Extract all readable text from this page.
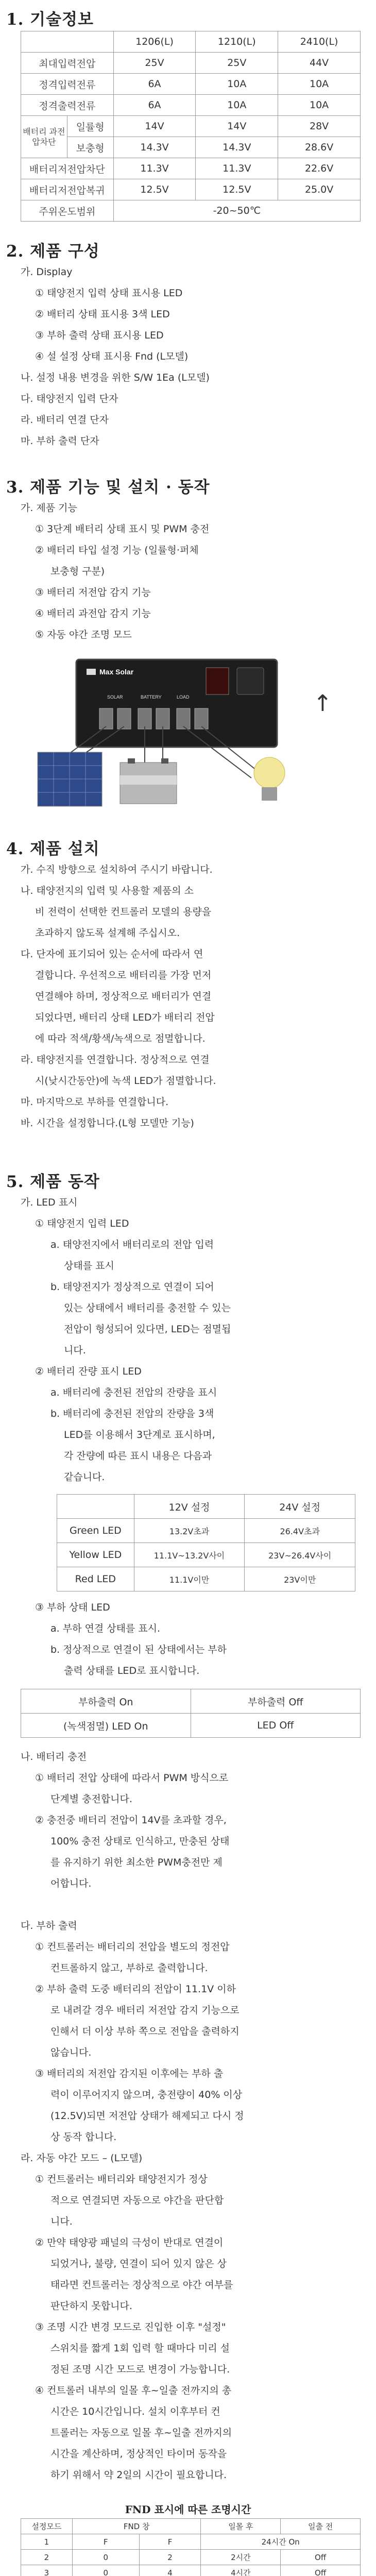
1. 기술정보
		1206(L)	1210(L)	2410(L)
최대입력전압		25V	25V	44V
정격입력전류		6A	10A	10A
정격출력전류		6A	10A	10A
배터리 과전압차단	일률형	14V	14V	28V
	보충형	14.3V	14.3V	28.6V
배터리저전압차단		11.3V	11.3V	22.6V
배터리저전압복귀		12.5V	12.5V	25.0V
주위온도범위		-20~50℃		
2. 제품 구성
가. Display
① 태양전지 입력 상태 표시용 LED
② 배터리 상태 표시용 3색 LED
③ 부하 출력 상태 표시용 LED
④ 설 설정 상태 표시용 Fnd (L모델)
나. 설정 내용 변경을 위한 S/W 1Ea (L모델)
다. 태양전지 입력 단자
라. 배터리 연결 단자
마. 부하 출력 단자
3. 제품 기능 및 설치 · 동작
가. 제품 기능
① 3단계 배터리 상태 표시 및 PWM 충전
② 배터리 타입 설정 기능 (일률형·퍼체
보충형 구분)
③ 배터리 저전압 감지 기능
④ 배터리 과전압 감지 기능
⑤ 자동 야간 조명 모드
Max Solar
SOLAR	BATTERY	LOAD	↑
4. 제품 설치
가. 수직 방향으로 설치하여 주시기 바랍니다.
나. 태양전지의 입력 및 사용할 제품의 소
비 전력이 선택한 컨트롤러 모델의 용량을
초과하지 않도록 설계해 주십시오.
다. 단자에 표기되어 있는 순서에 따라서 연
결합니다. 우선적으로 배터리를 가장 먼저
연결해야 하며, 정상적으로 배터리가 연결
되었다면, 배터리 상태 LED가 배터리 전압
에 따라 적색/황색/녹색으로 점멸합니다.
라. 태양전지를 연결합니다. 정상적으로 연결
시(낮시간동안)에 녹색 LED가 점멸합니다.
마. 마지막으로 부하를 연결합니다.
바. 시간을 설정합니다.(L형 모델만 기능)
5. 제품 동작
가. LED 표시
① 태양전지 입력 LED
a. 태양전지에서 배터리로의 전압 입력
상태를 표시
b. 태양전지가 정상적으로 연결이 되어
있는 상태에서 배터리를 충전할 수 있는
전압이 형성되어 있다면, LED는 점멸됩
니다.
② 배터리 잔량 표시 LED
a. 배터리에 충전된 전압의 잔량을 표시
b. 배터리에 충전된 전압의 잔량을 3색
LED를 이용해서 3단계로 표시하며,
각 잔량에 따른 표시 내용은 다음과
같습니다.
	12V 설정	24V 설정
Green LED	13.2V초과	26.4V초과
Yellow LED	11.1V~13.2V사이	23V~26.4V사이
Red LED	11.1V이만	23V이만
③ 부하 상태 LED
a. 부하 연결 상태를 표시.
b. 정상적으로 연결이 된 상태에서는 부하
출력 상태를 LED로 표시합니다.
부하출력 On	부하출력 Off
(녹색점멸) LED On	LED Off
나. 배터리 충전
① 배터리 전압 상태에 따라서 PWM 방식으로
단계별 충전합니다.
② 충전중 배터리 전압이 14V를 초과할 경우,
100% 충전 상태로 인식하고, 만충된 상태
를 유지하기 위한 최소한 PWM충전만 제
어합니다.
다. 부하 출력
① 컨트롤러는 배터리의 전압을 별도의 정전압
컨트롤하지 않고, 부하로 출력합니다.
② 부하 출력 도중 배터리의 전압이 11.1V 이하
로 내려갈 경우 배터리 저전압 감지 기능으로
인해서 더 이상 부하 쪽으로 전압을 출력하지
않습니다.
③ 배터리의 저전압 감지된 이후에는 부하 출
력이 이루어지지 않으며, 충전량이 40% 이상
(12.5V)되면 저전압 상태가 해제되고 다시 정
상 동작 합니다.
라. 자동 야간 모드 – (L모델)
① 컨트롤러는 배터리와 태양전지가 정상
적으로 연결되면 자동으로 야간을 판단합
니다.
② 만약 태양광 패널의 극성이 반대로 연결이
되었거나, 불량, 연결이 되어 있지 않은 상
태라면 컨트롤러는 정상적으로 야간 여부를
판단하지 못합니다.
③ 조명 시간 변경 모드로 진입한 이후 "설정"
스위치를 짧게 1회 입력 할 때마다 미리 설
정된 조명 시간 모드로 변경이 가능합니다.
④ 컨트롤러 내부의 일몰 후~일출 전까지의 총
시간은 10시간입니다. 설치 이후부터 컨
트롤러는 자동으로 일몰 후~일출 전까지의
시간을 계산하며, 정상적인 타이머 동작을
하기 위해서 약 2일의 시간이 필요합니다.
FND 표시에 따른 조명시간
설정모드	FND 창		일몰 후	일출 전
1	F	F	24시간 On	
2	0	2	2시간	Off
3	0	4	4시간	Off
